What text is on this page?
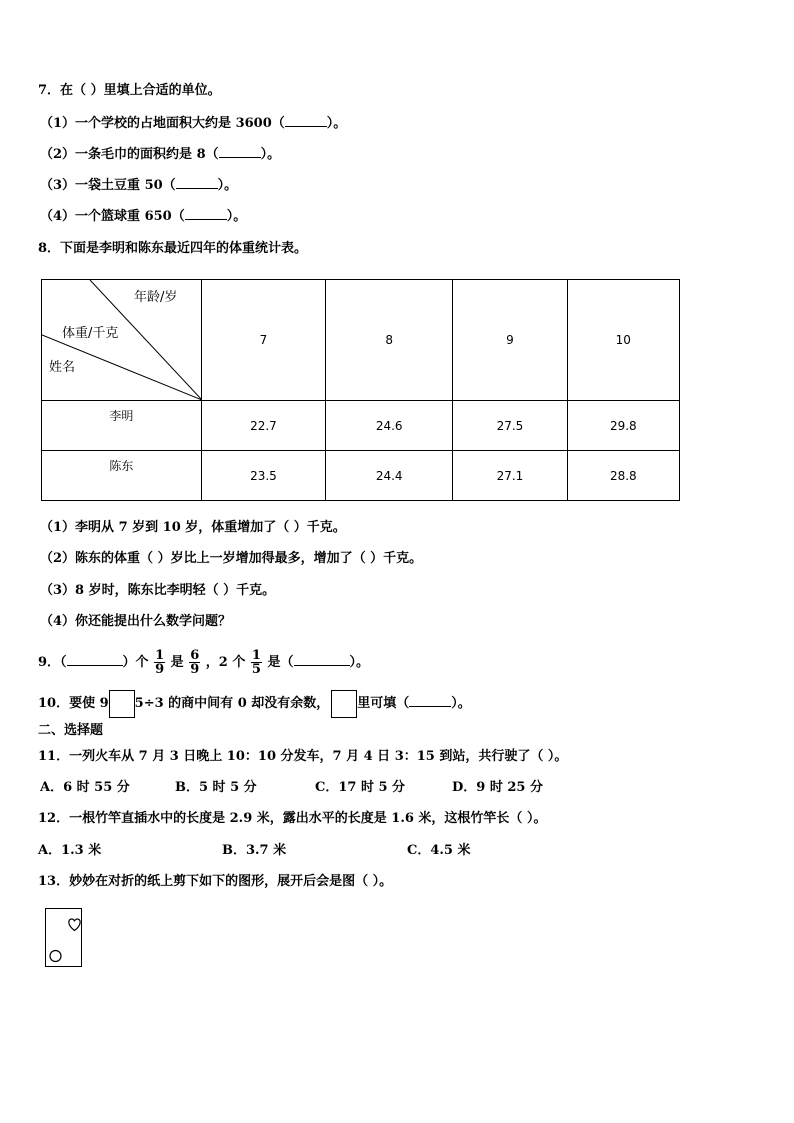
7．在（ ）里填上合适的单位。
（1）一个学校的占地面积大约是 3600（	）。
（2）一条毛巾的面积约是 8（	）。
（3）一袋土豆重 50（	）。
（4）一个篮球重 650（	）。
8．下面是李明和陈东最近四年的体重统计表。
年龄/岁
体重/千克
姓名	7	8	9	10
李明	22.7	24.6	27.5	29.8
陈东	23.5	24.4	27.1	28.8
（1）李明从 7 岁到 10 岁，体重增加了（ ）千克。
（2）陈东的体重（ ）岁比上一岁增加得最多，增加了（ ）千克。
（3）8 岁时，陈东比李明轻（ ）千克。
（4）你还能提出什么数学问题？
9．（	）个 $\frac{1}{9}$ 是 $\frac{6}{9}$ ，2 个 $\frac{1}{5}$ 是（	）。
10．要使 9 5÷3 的商中间有 0 却没有余数， 里可填（	）。
二、选择题
11．一列火车从 7 月 3 日晚上 10：10 分发车，7 月 4 日 3：15 到站，共行驶了（ ）。
A．6 时 55 分	B．5 时 5 分	C．17 时 5 分	D．9 时 25 分
12．一根竹竿直插水中的长度是 2.9 米，露出水平的长度是 1.6 米，这根竹竿长（ ）。
A．1.3 米	B．3.7 米	C．4.5 米
13．妙妙在对折的纸上剪下如下的图形，展开后会是图（ ）。
